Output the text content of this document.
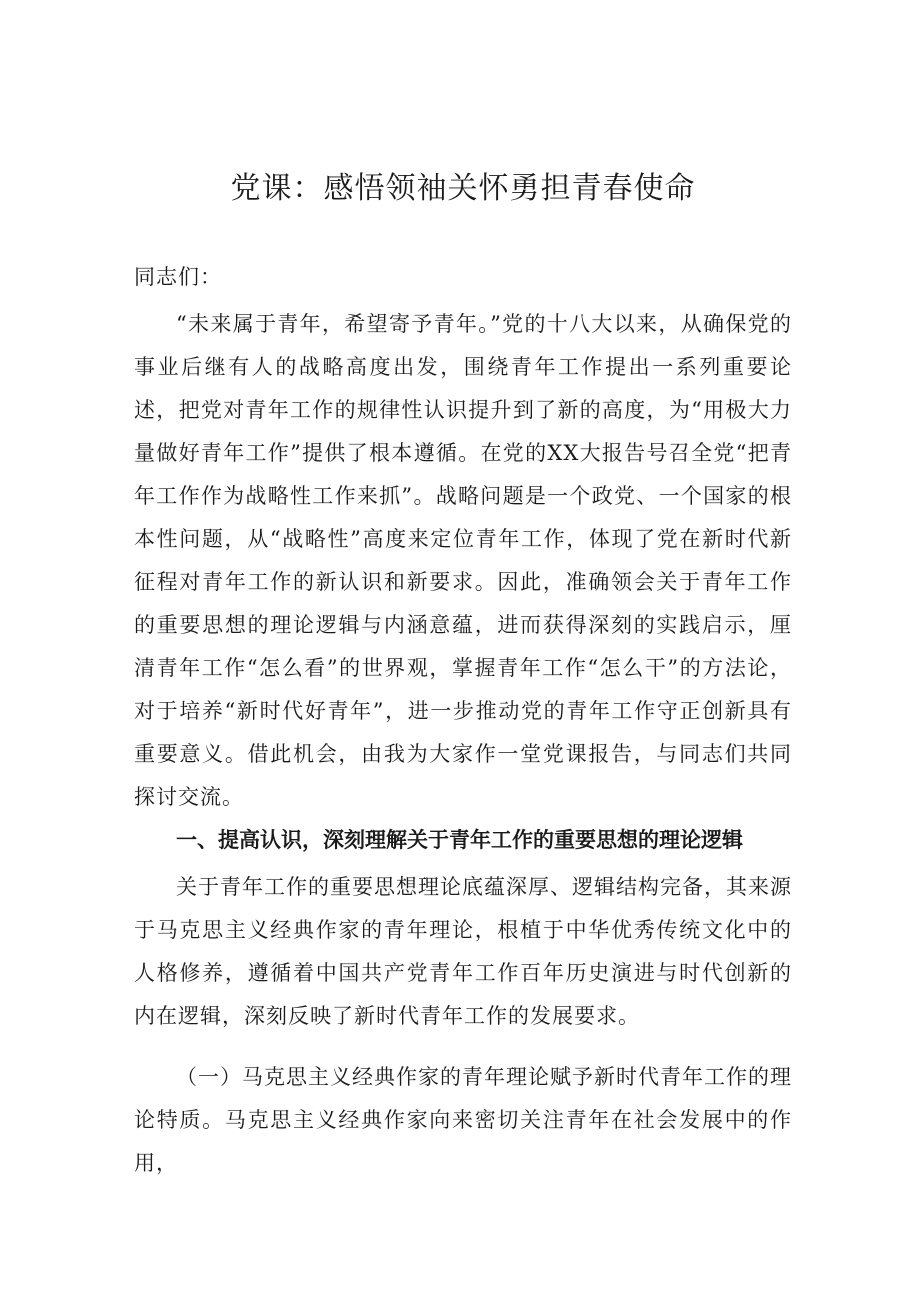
党课：感悟领袖关怀勇担青春使命
同志们：

“未来属于青年，希望寄予青年。”党的十八大以来，从确保党的事业后继有人的战略高度出发，围绕青年工作提出一系列重要论述，把党对青年工作的规律性认识提升到了新的高度，为“用极大力量做好青年工作”提供了根本遵循。在党的XX大报告号召全党“把青年工作作为战略性工作来抓”。战略问题是一个政党、一个国家的根本性问题，从“战略性”高度来定位青年工作，体现了党在新时代新征程对青年工作的新认识和新要求。因此，准确领会关于青年工作的重要思想的理论逻辑与内涵意蕴，进而获得深刻的实践启示，厘清青年工作“怎么看”的世界观，掌握青年工作“怎么干”的方法论，对于培养“新时代好青年”，进一步推动党的青年工作守正创新具有重要意义。借此机会，由我为大家作一堂党课报告，与同志们共同探讨交流。

一、提高认识，深刻理解关于青年工作的重要思想的理论逻辑

关于青年工作的重要思想理论底蕴深厚、逻辑结构完备，其来源于马克思主义经典作家的青年理论，根植于中华优秀传统文化中的人格修养，遵循着中国共产党青年工作百年历史演进与时代创新的内在逻辑，深刻反映了新时代青年工作的发展要求。

（一）马克思主义经典作家的青年理论赋予新时代青年工作的理论特质。马克思主义经典作家向来密切关注青年在社会发展中的作用，
